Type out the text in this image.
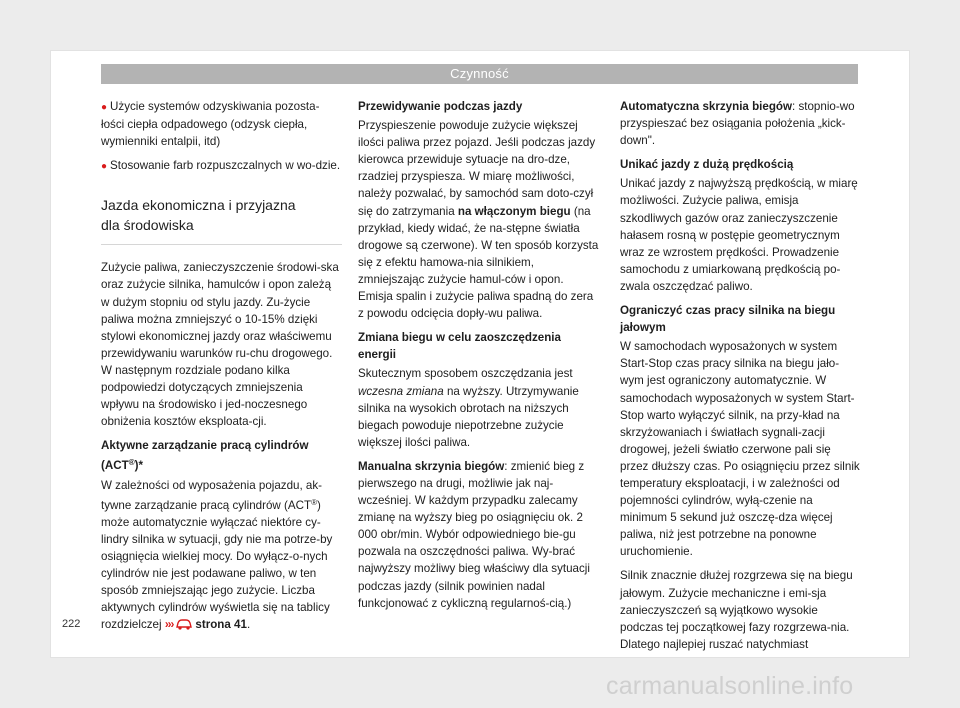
Czynność

● Użycie systemów odzyskiwania pozosta-łości ciepła odpadowego (odzysk ciepła, wymienniki entalpii, itd)

● Stosowanie farb rozpuszczalnych w wo-dzie.

Jazda ekonomiczna i przyjazna
dla środowiska

Zużycie paliwa, zanieczyszczenie środowi-ska oraz zużycie silnika, hamulców i opon zależą w dużym stopniu od stylu jazdy. Zu-życie paliwa można zmniejszyć o 10-15% dzięki stylowi ekonomicznej jazdy oraz właściwemu przewidywaniu warunków ru-chu drogowego. W następnym rozdziale podano kilka podpowiedzi dotyczących zmniejszenia wpływu na środowisko i jed-noczesnego obniżenia kosztów eksploata-cji.

Aktywne zarządzanie pracą cylindrów (ACT®)*

W zależności od wyposażenia pojazdu, ak-tywne zarządzanie pracą cylindrów (ACT®) może automatycznie wyłączać niektóre cy-lindry silnika w sytuacji, gdy nie ma potrze-by osiągnięcia wielkiej mocy. Do wyłącz-o-nych cylindrów nie jest podawane paliwo, w ten sposób zmniejszając jego zużycie. Liczba aktywnych cylindrów wyświetla się na tablicy rozdzielczej ››› strona 41.

Przewidywanie podczas jazdy

Przyspieszenie powoduje zużycie większej ilości paliwa przez pojazd. Jeśli podczas jazdy kierowca przewiduje sytuacje na dro-dze, rzadziej przyspiesza. W miarę możliwości, należy pozwalać, by samochód sam doto-czył się do zatrzymania na włączonym biegu (na przykład, kiedy widać, że na-stępne światła drogowe są czerwone). W ten sposób korzysta się z efektu hamowa-nia silnikiem, zmniejszając zużycie hamul-ców i opon. Emisja spalin i zużycie paliwa spadną do zera z powodu odcięcia dopły-wu paliwa.

Zmiana biegu w celu zaoszczędzenia energii

Skutecznym sposobem oszczędzania jest wczesna zmiana na wyższy. Utrzymywanie silnika na wysokich obrotach na niższych biegach powoduje niepotrzebne zużycie większej ilości paliwa.

Manualna skrzynia biegów: zmienić bieg z pierwszego na drugi, możliwie jak naj-wcześniej. W każdym przypadku zalecamy zmianę na wyższy bieg po osiągnięciu ok. 2 000 obr/min. Wybór odpowiedniego bie-gu pozwala na oszczędności paliwa. Wy-brać najwyższy możliwy bieg właściwy dla sytuacji podczas jazdy (silnik powinien nadal funkcjonować z cykliczną regularnoś-cią.)

Automatyczna skrzynia biegów: stopnio-wo przyspieszać bez osiągania położenia „kick-down".

Unikać jazdy z dużą prędkością

Unikać jazdy z najwyższą prędkością, w miarę możliwości. Zużycie paliwa, emisja szkodliwych gazów oraz zanieczyszczenie hałasem rosną w postępie geometrycznym wraz ze wzrostem prędkości. Prowadzenie samochodu z umiarkowaną prędkością po-zwala oszczędzać paliwo.

Ograniczyć czas pracy silnika na biegu jałowym

W samochodach wyposażonych w system Start-Stop czas pracy silnika na biegu jało-wym jest ograniczony automatycznie. W samochodach wyposażonych w system Start-Stop warto wyłączyć silnik, na przy-kład na skrzyżowaniach i światłach sygnali-zacji drogowej, jeżeli światło czerwone pali się przez dłuższy czas. Po osiągnięciu przez silnik temperatury eksploatacji, i w zależności od pojemności cylindrów, wyłą-czenie na minimum 5 sekund już oszczę-dza więcej paliwa, niż jest potrzebne na ponowne uruchomienie.

Silnik znacznie dłużej rozgrzewa się na biegu jałowym. Zużycie mechaniczne i emi-sja zanieczyszczeń są wyjątkowo wysokie podczas tej początkowej fazy rozgrzewa-nia. Dlatego najlepiej ruszać natychmiast

222
carmanualsonline.info
